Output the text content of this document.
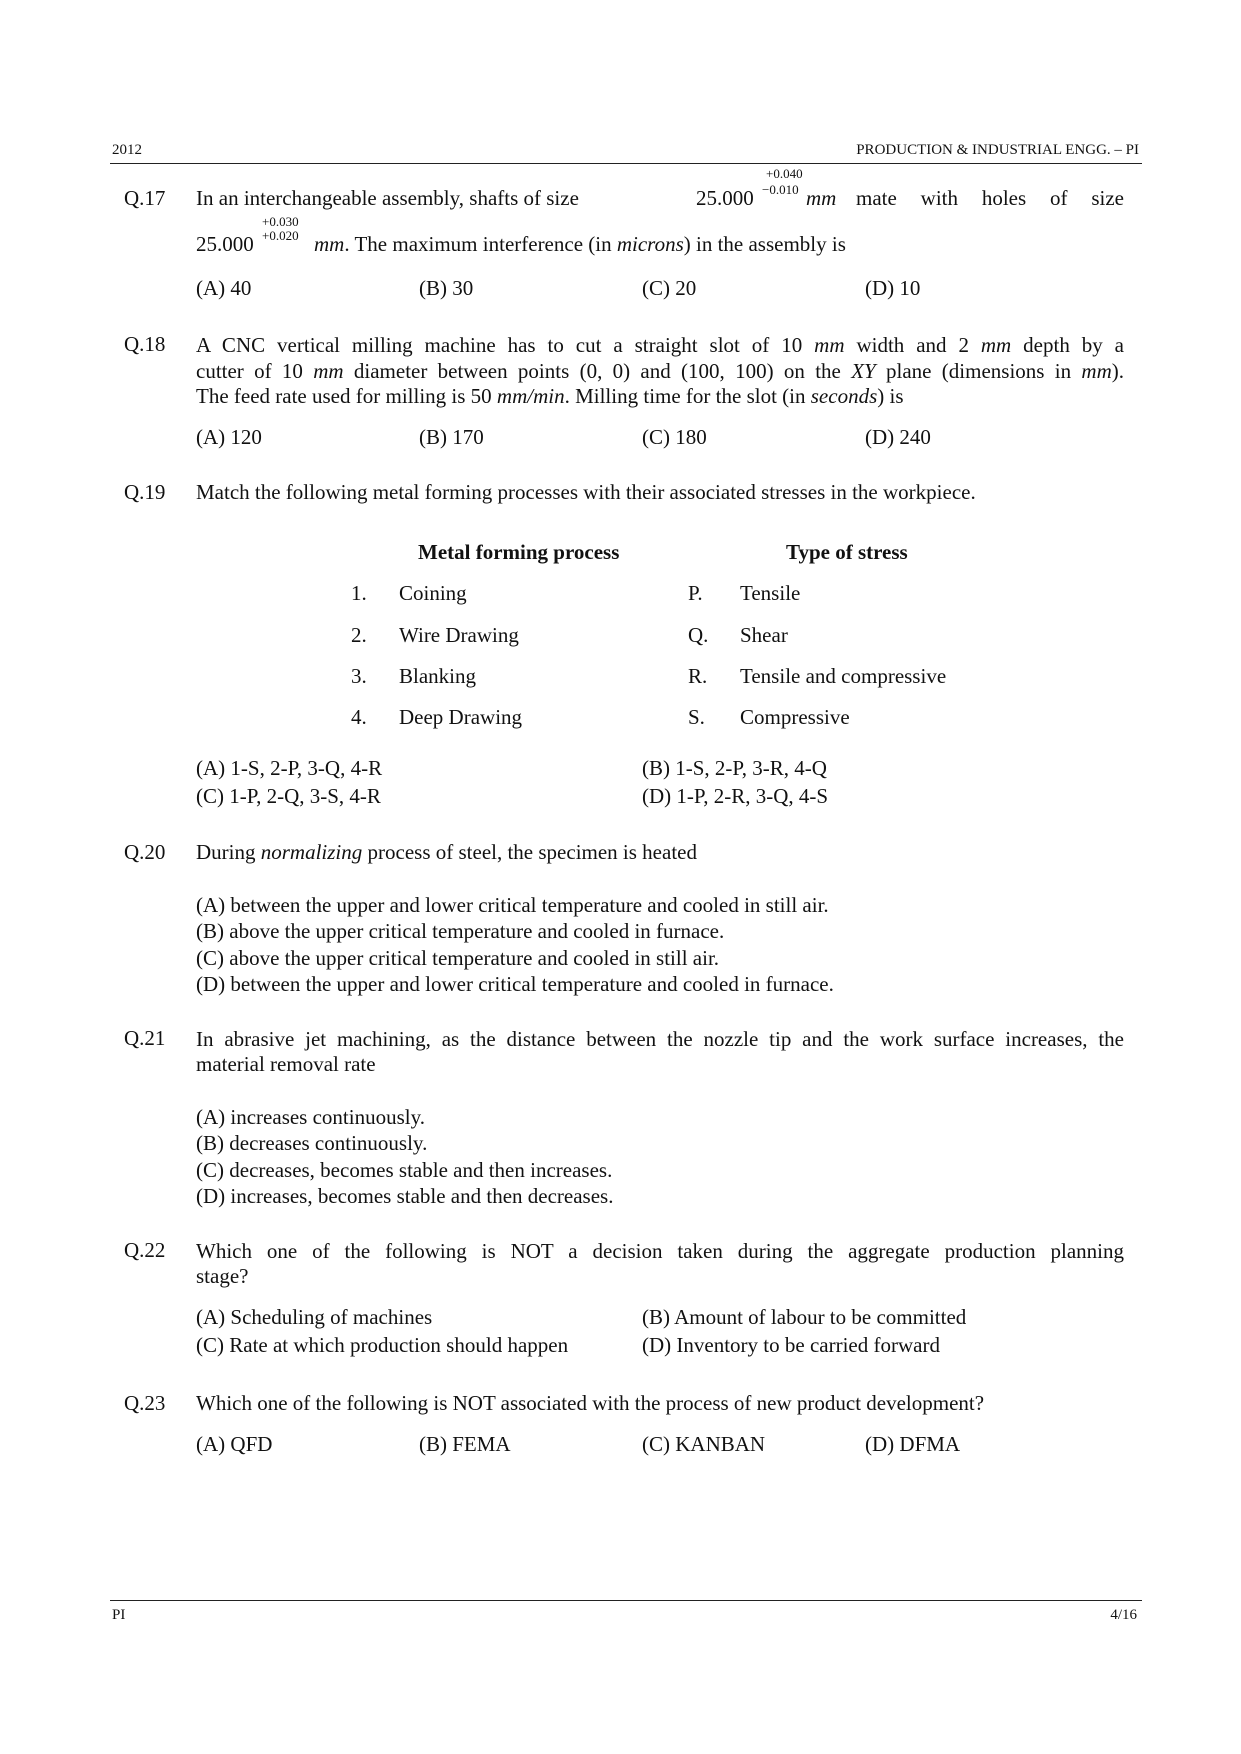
2012	PRODUCTION & INDUSTRIAL ENGG. – PI
Q.17 In an interchangeable assembly, shafts of size	25.000
+0.040
−0.010 mm mate with holes of size
25.000
+0.030
+0.020 mm. The maximum interference (in microns) in the assembly is
(A) 40	(B) 30	(C) 20	(D) 10
Q.18 A CNC vertical milling machine has to cut a straight slot of 10 mm width and 2 mm depth by a
cutter of 10 mm diameter between points (0, 0) and (100, 100) on the XY plane (dimensions in mm).
The feed rate used for milling is 50 mm/min. Milling time for the slot (in seconds) is
(A) 120	(B) 170	(C) 180	(D) 240
Q.19 Match the following metal forming processes with their associated stresses in the workpiece.
Metal forming process	Type of stress
1. Coining	P. Tensile
2. Wire Drawing	Q. Shear
3. Blanking	R. Tensile and compressive
4. Deep Drawing	S. Compressive
(A) 1-S, 2-P, 3-Q, 4-R	(B) 1-S, 2-P, 3-R, 4-Q
(C) 1-P, 2-Q, 3-S, 4-R	(D) 1-P, 2-R, 3-Q, 4-S
Q.20 During normalizing process of steel, the specimen is heated
(A) between the upper and lower critical temperature and cooled in still air.
(B) above the upper critical temperature and cooled in furnace.
(C) above the upper critical temperature and cooled in still air.
(D) between the upper and lower critical temperature and cooled in furnace.
Q.21 In abrasive jet machining, as the distance between the nozzle tip and the work surface increases, the
material removal rate
(A) increases continuously.
(B) decreases continuously.
(C) decreases, becomes stable and then increases.
(D) increases, becomes stable and then decreases.
Q.22 Which one of the following is NOT a decision taken during the aggregate production planning
stage?
(A) Scheduling of machines	(B) Amount of labour to be committed
(C) Rate at which production should happen	(D) Inventory to be carried forward
Q.23 Which one of the following is NOT associated with the process of new product development?
(A) QFD	(B) FEMA	(C) KANBAN	(D) DFMA
PI	4/16
